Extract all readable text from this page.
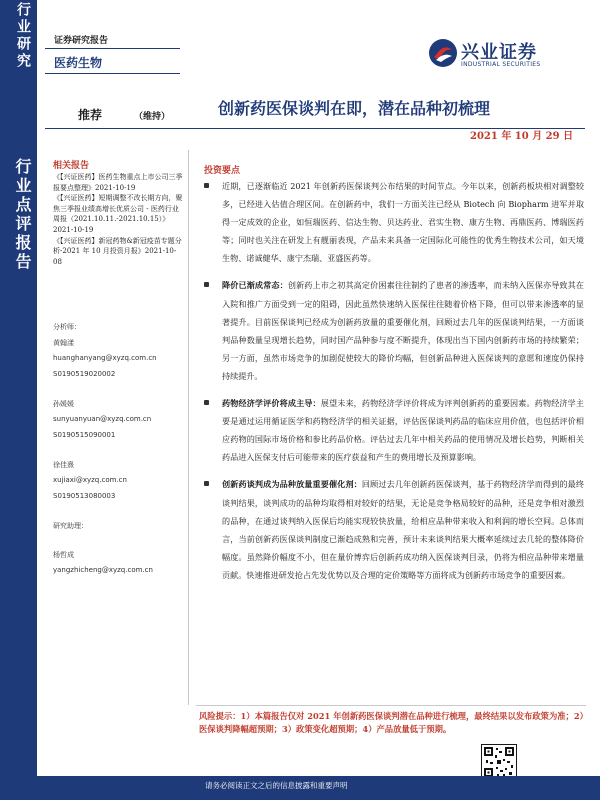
行业研究
行业点评报告
证券研究报告
医药生物	兴业证券
INDUSTRIAL SECURITIES
推荐	（维持）	创新药医保谈判在即，潜在品种初梳理
2021 年 10 月 29 日
相关报告
《【兴证医药】医药生物重点上市公司三季报要点整理》2021-10-19
《【兴证医药】短期调整不改长期方向，聚焦三季报业绩高增长优质公司 - 医药行业周报（2021.10.11.-2021.10.15）》2021-10-19
《【兴证医药】新冠药物&新冠疫苗专题分析-2021 年 10 月投资月报》2021-10-08
分析师：
黄翰漾
huanghanyang@xyzq.com.cn
S0190519020002
孙媛媛
sunyuanyuan@xyzq.com.cn
S0190515090001
徐佳熹
xujiaxi@xyzq.com.cn
S0190513080003
研究助理：
杨哲成
yangzhicheng@xyzq.com.cn
投资要点
近期，已逐渐临近 2021 年创新药医保谈判公布结果的时间节点。今年以来，创新药板块相对调整较多，已经进入估值合理区间。在创新药中，我们一方面关注已经从 Biotech 向 Biopharm 进军并取得一定成效的企业，如恒瑞医药、信达生物、贝达药业、君实生物、康方生物、再鼎医药、博瑞医药等；同时也关注在研发上有靓丽表现，产品未来具备一定国际化可能性的优秀生物技术公司，如天境生物、诺诚健华、康宁杰瑞、亚盛医药等。
降价已渐成常态：创新药上市之初其高定价困素往往制约了患者的渗透率，而未纳入医保亦导致其在入院和推广方面受到一定的阻碍，因此虽然快速纳入医保往往随着价格下降，但可以带来渗透率的显著提升。目前医保谈判已经成为创新药放量的重要催化剂，回顾过去几年的医保谈判结果，一方面谈判品种数量呈现增长趋势，同时国产品种参与度不断提升，体现出当下国内创新药市场的持续繁荣；另一方面，虽然市场竞争的加剧促使较大的降价均幅，但创新品种进入医保谈判的意愿和速度仍保持持续提升。
药物经济学评价将成主导：展望未来，药物经济学评价将成为评判创新药的重要因素。药物经济学主要是通过运用循证医学和药物经济学的相关证据，评估医保谈判药品的临床应用价值，也包括评价相应药物的国际市场价格和参比药品价格。评估过去几年中相关药品的使用情况及增长趋势，判断相关药品进入医保支付后可能带来的医疗获益和产生的费用增长及预算影响。
创新药谈判成为品种放量重要催化剂：回顾过去几年创新药医保谈判，基于药物经济学而得到的最终谈判结果，谈判成功的品种均取得相对较好的结果，无论是竞争格局较好的品种，还是竞争相对激烈的品种，在通过谈判纳入医保后均能实现较快放量，给相应品种带来收入和利润的增长空间。总体而言，当前创新药医保谈判制度已渐趋成熟和完善，预计未来谈判结果大概率延续过去几轮的整体降价幅度。虽然降价幅度不小，但在量价博弈后创新药成功纳入医保谈判目录，仍将为相应品种带来增量贡献。快速推进研发抢占先发优势以及合理的定价策略等方面将成为创新药市场竞争的重要因素。
风险提示：1）本篇报告仅对 2021 年创新药医保谈判潜在品种进行梳理，最终结果以发布政策为准；2）医保谈判降幅超预期；3）政策变化超预期；4）产品放量低于预期。
请务必阅读正文之后的信息披露和重要声明
